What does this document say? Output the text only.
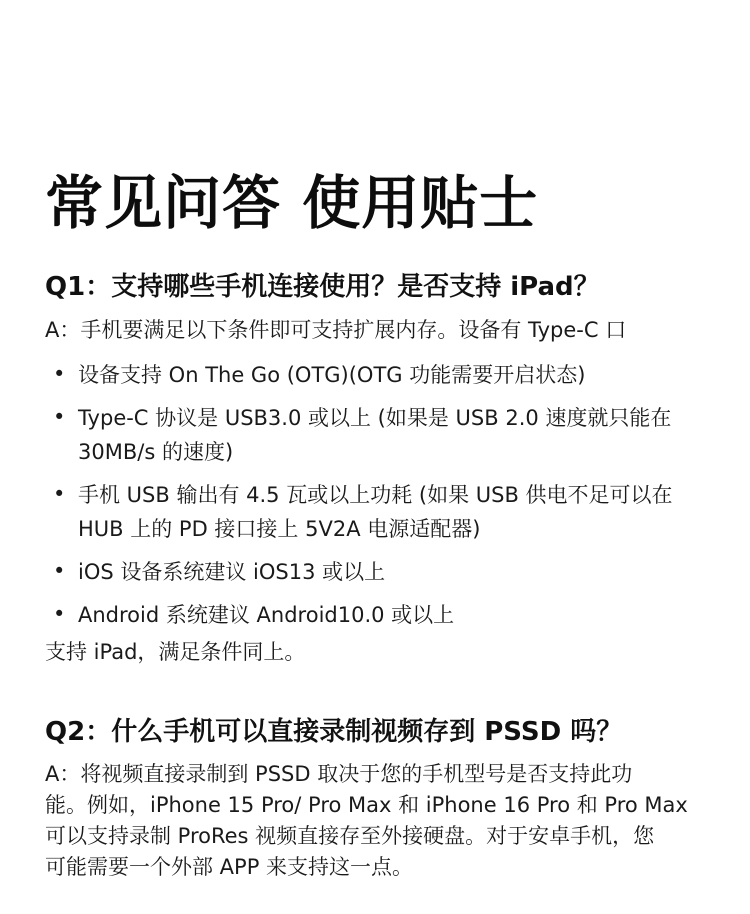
常见问答 使用贴士
Q1：支持哪些手机连接使用？是否支持 iPad？

A：手机要满足以下条件即可支持扩展内存。设备有 Type-C 口

• 设备支持 On The Go (OTG)(OTG 功能需要开启状态)

• Type-C 协议是 USB3.0 或以上 (如果是 USB 2.0 速度就只能在
30MB/s 的速度)

• 手机 USB 输出有 4.5 瓦或以上功耗 (如果 USB 供电不足可以在
HUB 上的 PD 接口接上 5V2A 电源适配器)

• iOS 设备系统建议 iOS13 或以上

• Android 系统建议 Android10.0 或以上

支持 iPad，满足条件同上。

Q2：什么手机可以直接录制视频存到 PSSD 吗？

A：将视频直接录制到 PSSD 取决于您的手机型号是否支持此功
能。例如，iPhone 15 Pro/ Pro Max 和 iPhone 16 Pro 和 Pro Max
可以支持录制 ProRes 视频直接存至外接硬盘。对于安卓手机，您
可能需要一个外部 APP 来支持这一点。
